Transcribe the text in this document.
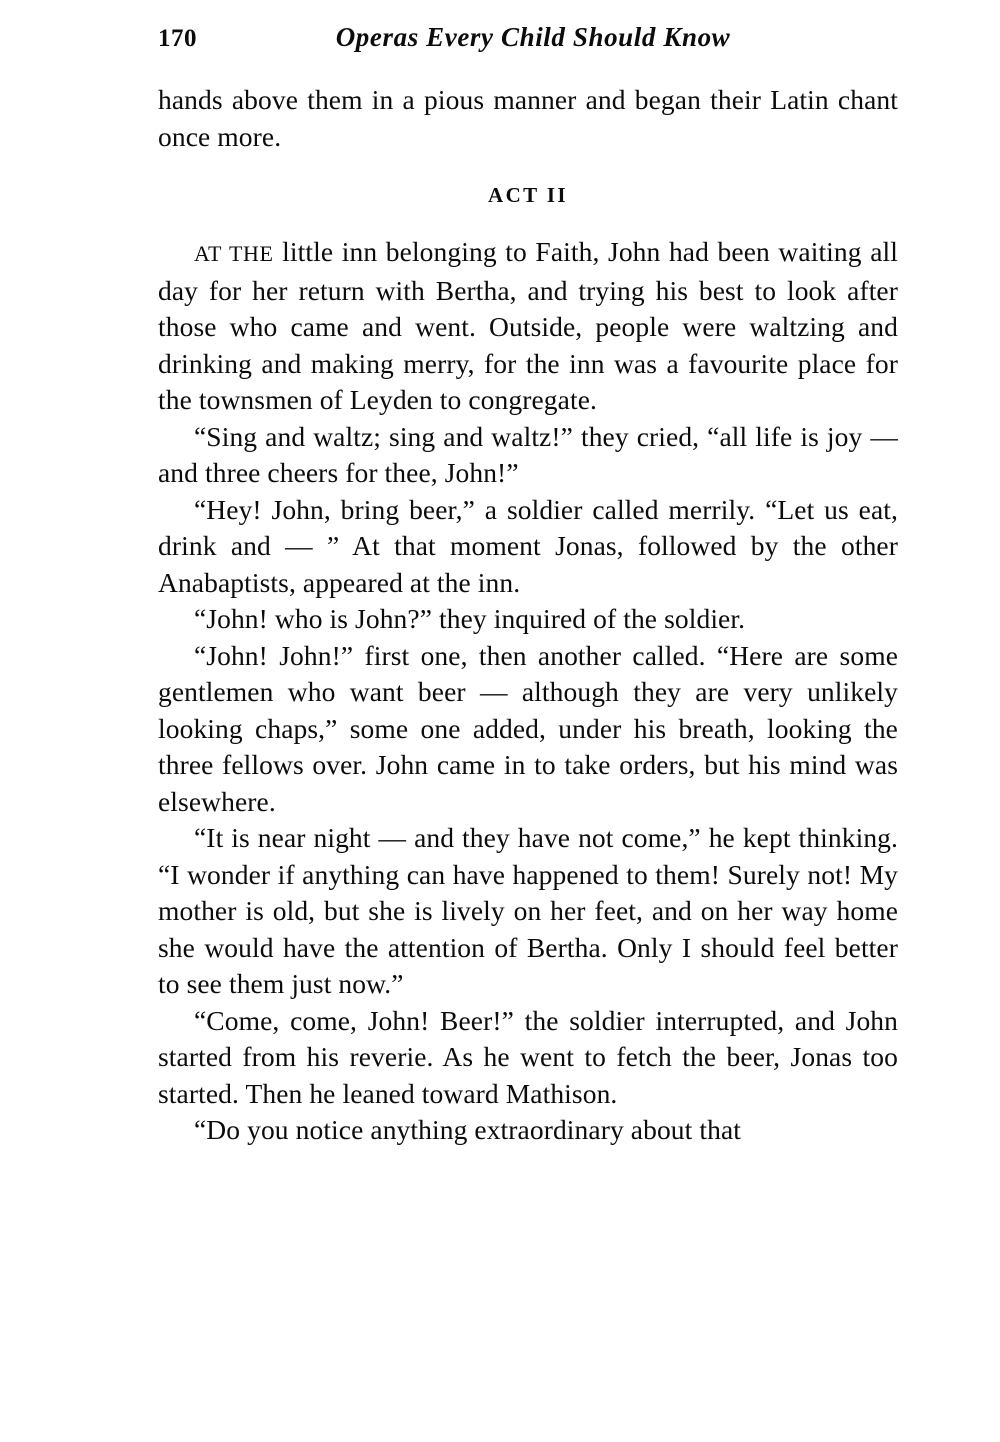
170	Operas Every Child Should Know

hands above them in a pious manner and began their Latin chant once more.

ACT II

AT THE little inn belonging to Faith, John had been waiting all day for her return with Bertha, and trying his best to look after those who came and went. Outside, people were waltzing and drinking and making merry, for the inn was a favourite place for the townsmen of Leyden to congregate.

“Sing and waltz; sing and waltz!” they cried, “all life is joy — and three cheers for thee, John!”

“Hey! John, bring beer,” a soldier called merrily. “Let us eat, drink and — ” At that moment Jonas, followed by the other Anabaptists, appeared at the inn.

“John! who is John?” they inquired of the soldier.

“John! John!” first one, then another called. “Here are some gentlemen who want beer — although they are very unlikely looking chaps,” some one added, under his breath, looking the three fellows over. John came in to take orders, but his mind was elsewhere.

“It is near night — and they have not come,” he kept thinking. “I wonder if anything can have happened to them! Surely not! My mother is old, but she is lively on her feet, and on her way home she would have the attention of Bertha. Only I should feel better to see them just now.”

“Come, come, John! Beer!” the soldier interrupted, and John started from his reverie. As he went to fetch the beer, Jonas too started. Then he leaned toward Mathison.

“Do you notice anything extraordinary about that
